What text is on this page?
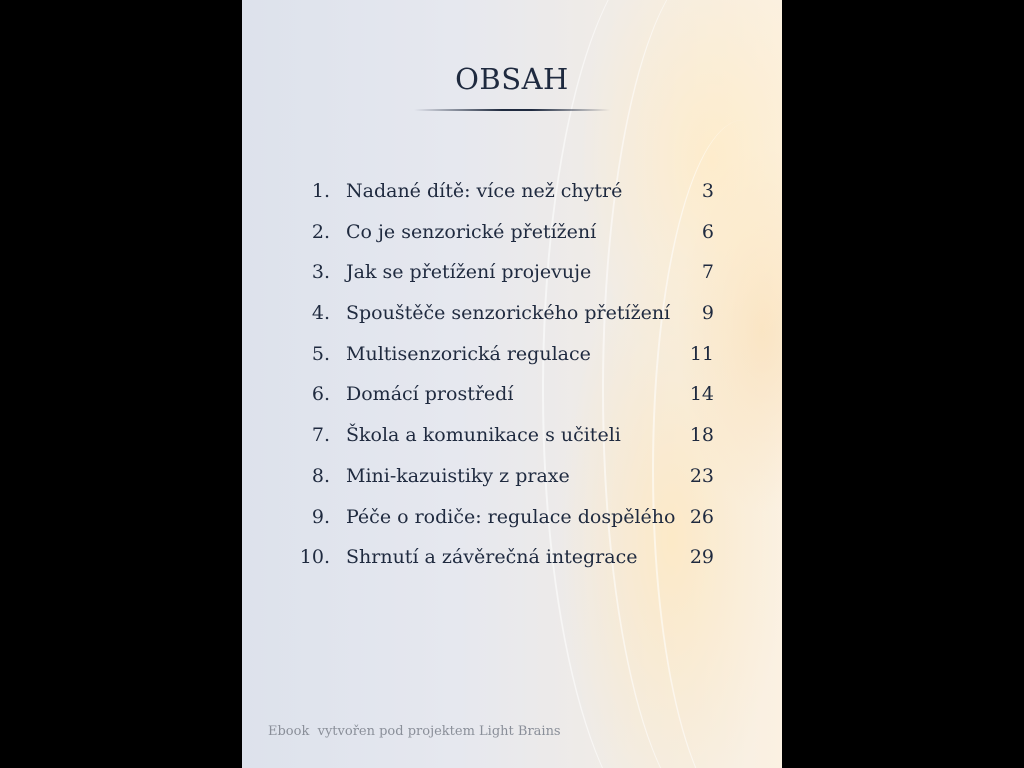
OBSAH
1. Nadané dítě: více než chytré	3
2. Co je senzorické přetížení	6
3. Jak se přetížení projevuje	7
4. Spouštěče senzorického přetížení 9
5. Multisenzorická regulace	11
6. Domácí prostředí	14
7. Škola a komunikace s učiteli	18
8. Mini-kazuistiky z praxe	23
9. Péče o rodiče: regulace dospělého 26
10. Shrnutí a závěrečná integrace	29
Ebook  vytvořen pod projektem Light Brains
